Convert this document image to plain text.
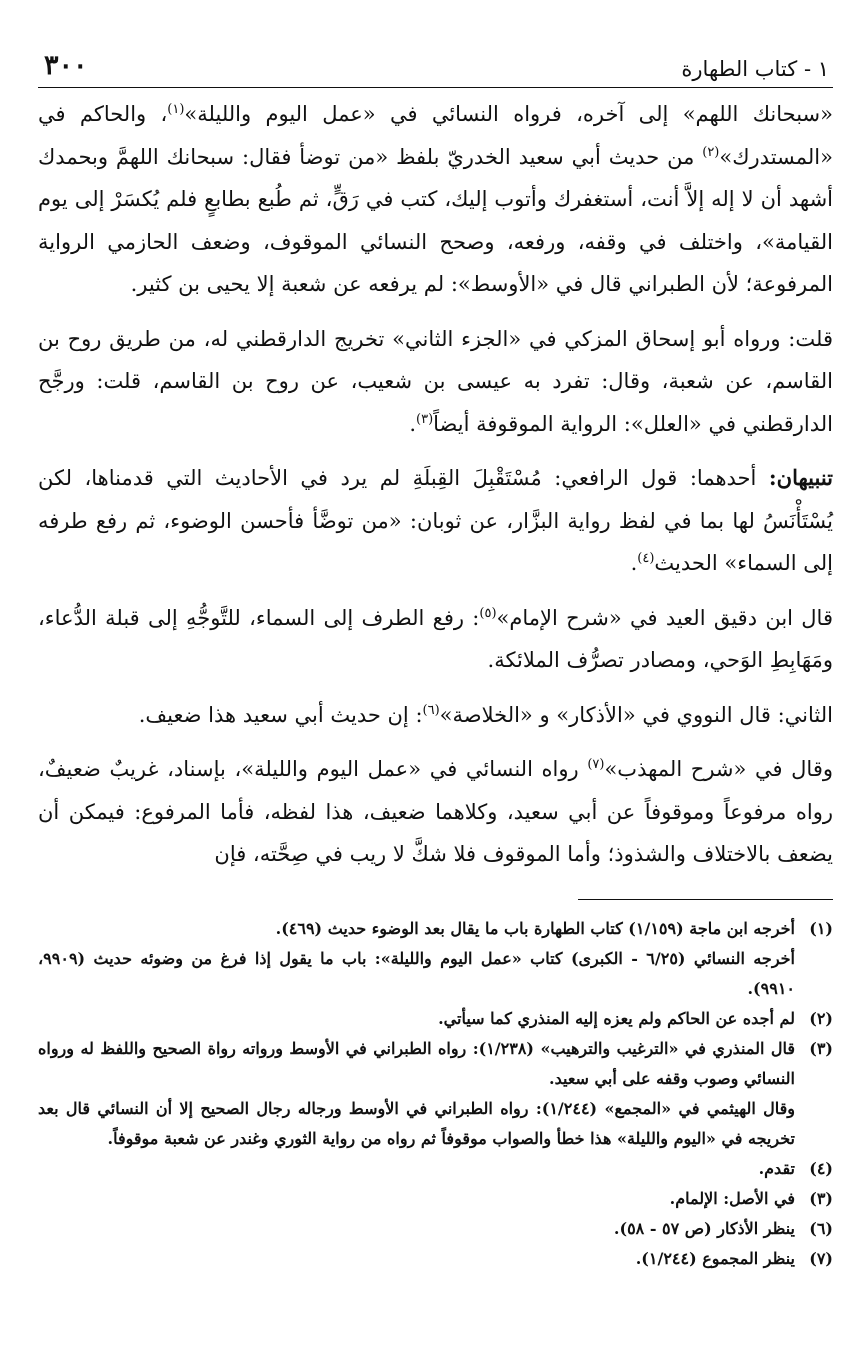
٣٠٠	١ - كتاب الطهارة

«سبحانك اللهم» إلى آخره، فرواه النسائي في «عمل اليوم والليلة»$^{(١)}$، والحاكم في «المستدرك»$^{(٢)}$ من حديث أبي سعيد الخدريّ بلفظ «من توضأ فقال: سبحانك اللهمَّ وبحمدك أشهد أن لا إله إلاَّ أنت، أستغفرك وأتوب إليك، كتب في رَقٍّ، ثم طُبع بطابعٍ فلم يُكسَرْ إلى يوم القيامة»، واختلف في وقفه، ورفعه، وصحح النسائي الموقوف، وضعف الحازمي الرواية المرفوعة؛ لأن الطبراني قال في «الأوسط»: لم يرفعه عن شعبة إلا يحيى بن كثير.

قلت: ورواه أبو إسحاق المزكي في «الجزء الثاني» تخريج الدارقطني له، من طريق روح بن القاسم، عن شعبة، وقال: تفرد به عيسى بن شعيب، عن روح بن القاسم، قلت: ورجَّح الدارقطني في «العلل»: الرواية الموقوفة أيضاً$^{(٣)}$.

تنبيهان: أحدهما: قول الرافعي: مُسْتَقْبِلَ القِبلَةِ لم يرد في الأحاديث التي قدمناها، لكن يُسْتَأْنَسُ لها بما في لفظ رواية البزَّار، عن ثوبان: «من توضَّأ فأحسن الوضوء، ثم رفع طرفه إلى السماء» الحديث$^{(٤)}$.

قال ابن دقيق العيد في «شرح الإمام»$^{(٥)}$: رفع الطرف إلى السماء، للتَّوجُّهِ إلى قبلة الدُّعاء، ومَهَابِطِ الوَحي، ومصادر تصرُّف الملائكة.

الثاني: قال النووي في «الأذكار» و «الخلاصة»$^{(٦)}$: إن حديث أبي سعيد هذا ضعيف.

وقال في «شرح المهذب»$^{(٧)}$ رواه النسائي في «عمل اليوم والليلة»، بإسناد، غريبٌ ضعيفٌ، رواه مرفوعاً وموقوفاً عن أبي سعيد، وكلاهما ضعيف، هذا لفظه، فأما المرفوع: فيمكن أن يضعف بالاختلاف والشذوذ؛ وأما الموقوف فلا شكَّ لا ريب في صِحَّته، فإن

(١)
أخرجه ابن ماجة (١/١٥٩) كتاب الطهارة باب ما يقال بعد الوضوء حديث (٤٦٩).
أخرجه النسائي (٦/٢٥ - الكبرى) كتاب «عمل اليوم والليلة»: باب ما يقول إذا فرغ من وضوئه حديث (٩٩٠٩، ٩٩١٠).
(٢)
لم أجده عن الحاكم ولم يعزه إليه المنذري كما سيأتي.
(٣)
قال المنذري في «الترغيب والترهيب» (١/٢٣٨): رواه الطبراني في الأوسط ورواته رواة الصحيح واللفظ له ورواه النسائي وصوب وقفه على أبي سعيد.
وقال الهيثمي في «المجمع» (١/٢٤٤): رواه الطبراني في الأوسط ورجاله رجال الصحيح إلا أن النسائي قال بعد تخريجه في «اليوم والليلة» هذا خطأ والصواب موقوفاً ثم رواه من رواية الثوري وغندر عن شعبة موقوفاً.
(٤)
تقدم.
(٣)
في الأصل: الإلمام.
(٦)
ينظر الأذكار (ص ٥٧ - ٥٨).
(٧)
ينظر المجموع (١/٢٤٤).
